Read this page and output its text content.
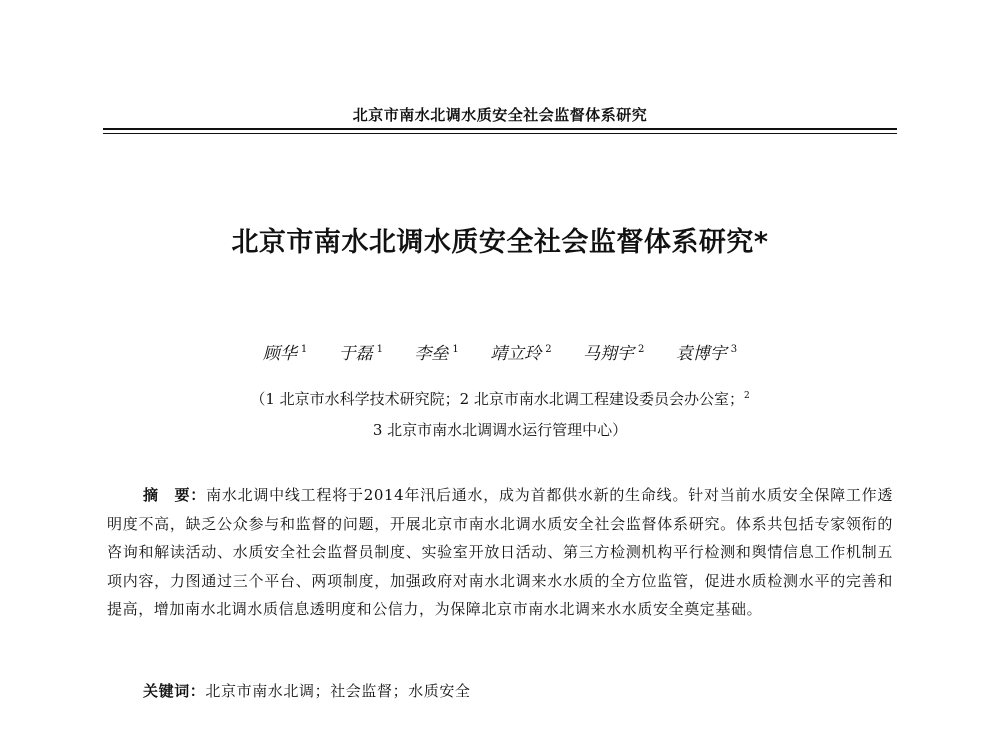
北京市南水北调水质安全社会监督体系研究
北京市南水北调水质安全社会监督体系研究*
顾华 $^1$ 于磊 $^1$ 李垒 $^1$ 靖立玲 $^2$ 马翔宇 $^2$ 袁博宇 $^3$
（1 北京市水科学技术研究院；2 北京市南水北调工程建设委员会办公室；$^2$
3 北京市南水北调调水运行管理中心）
摘　要：南水北调中线工程将于2014年汛后通水，成为首都供水新的生命线。针对当前水质安全保障工作透明度不高，缺乏公众参与和监督的问题，开展北京市南水北调水质安全社会监督体系研究。体系共包括专家领衔的咨询和解读活动、水质安全社会监督员制度、实验室开放日活动、第三方检测机构平行检测和舆情信息工作机制五项内容，力图通过三个平台、两项制度，加强政府对南水北调来水水质的全方位监管，促进水质检测水平的完善和提高，增加南水北调水质信息透明度和公信力，为保障北京市南水北调来水水质安全奠定基础。
关键词：北京市南水北调；社会监督；水质安全
